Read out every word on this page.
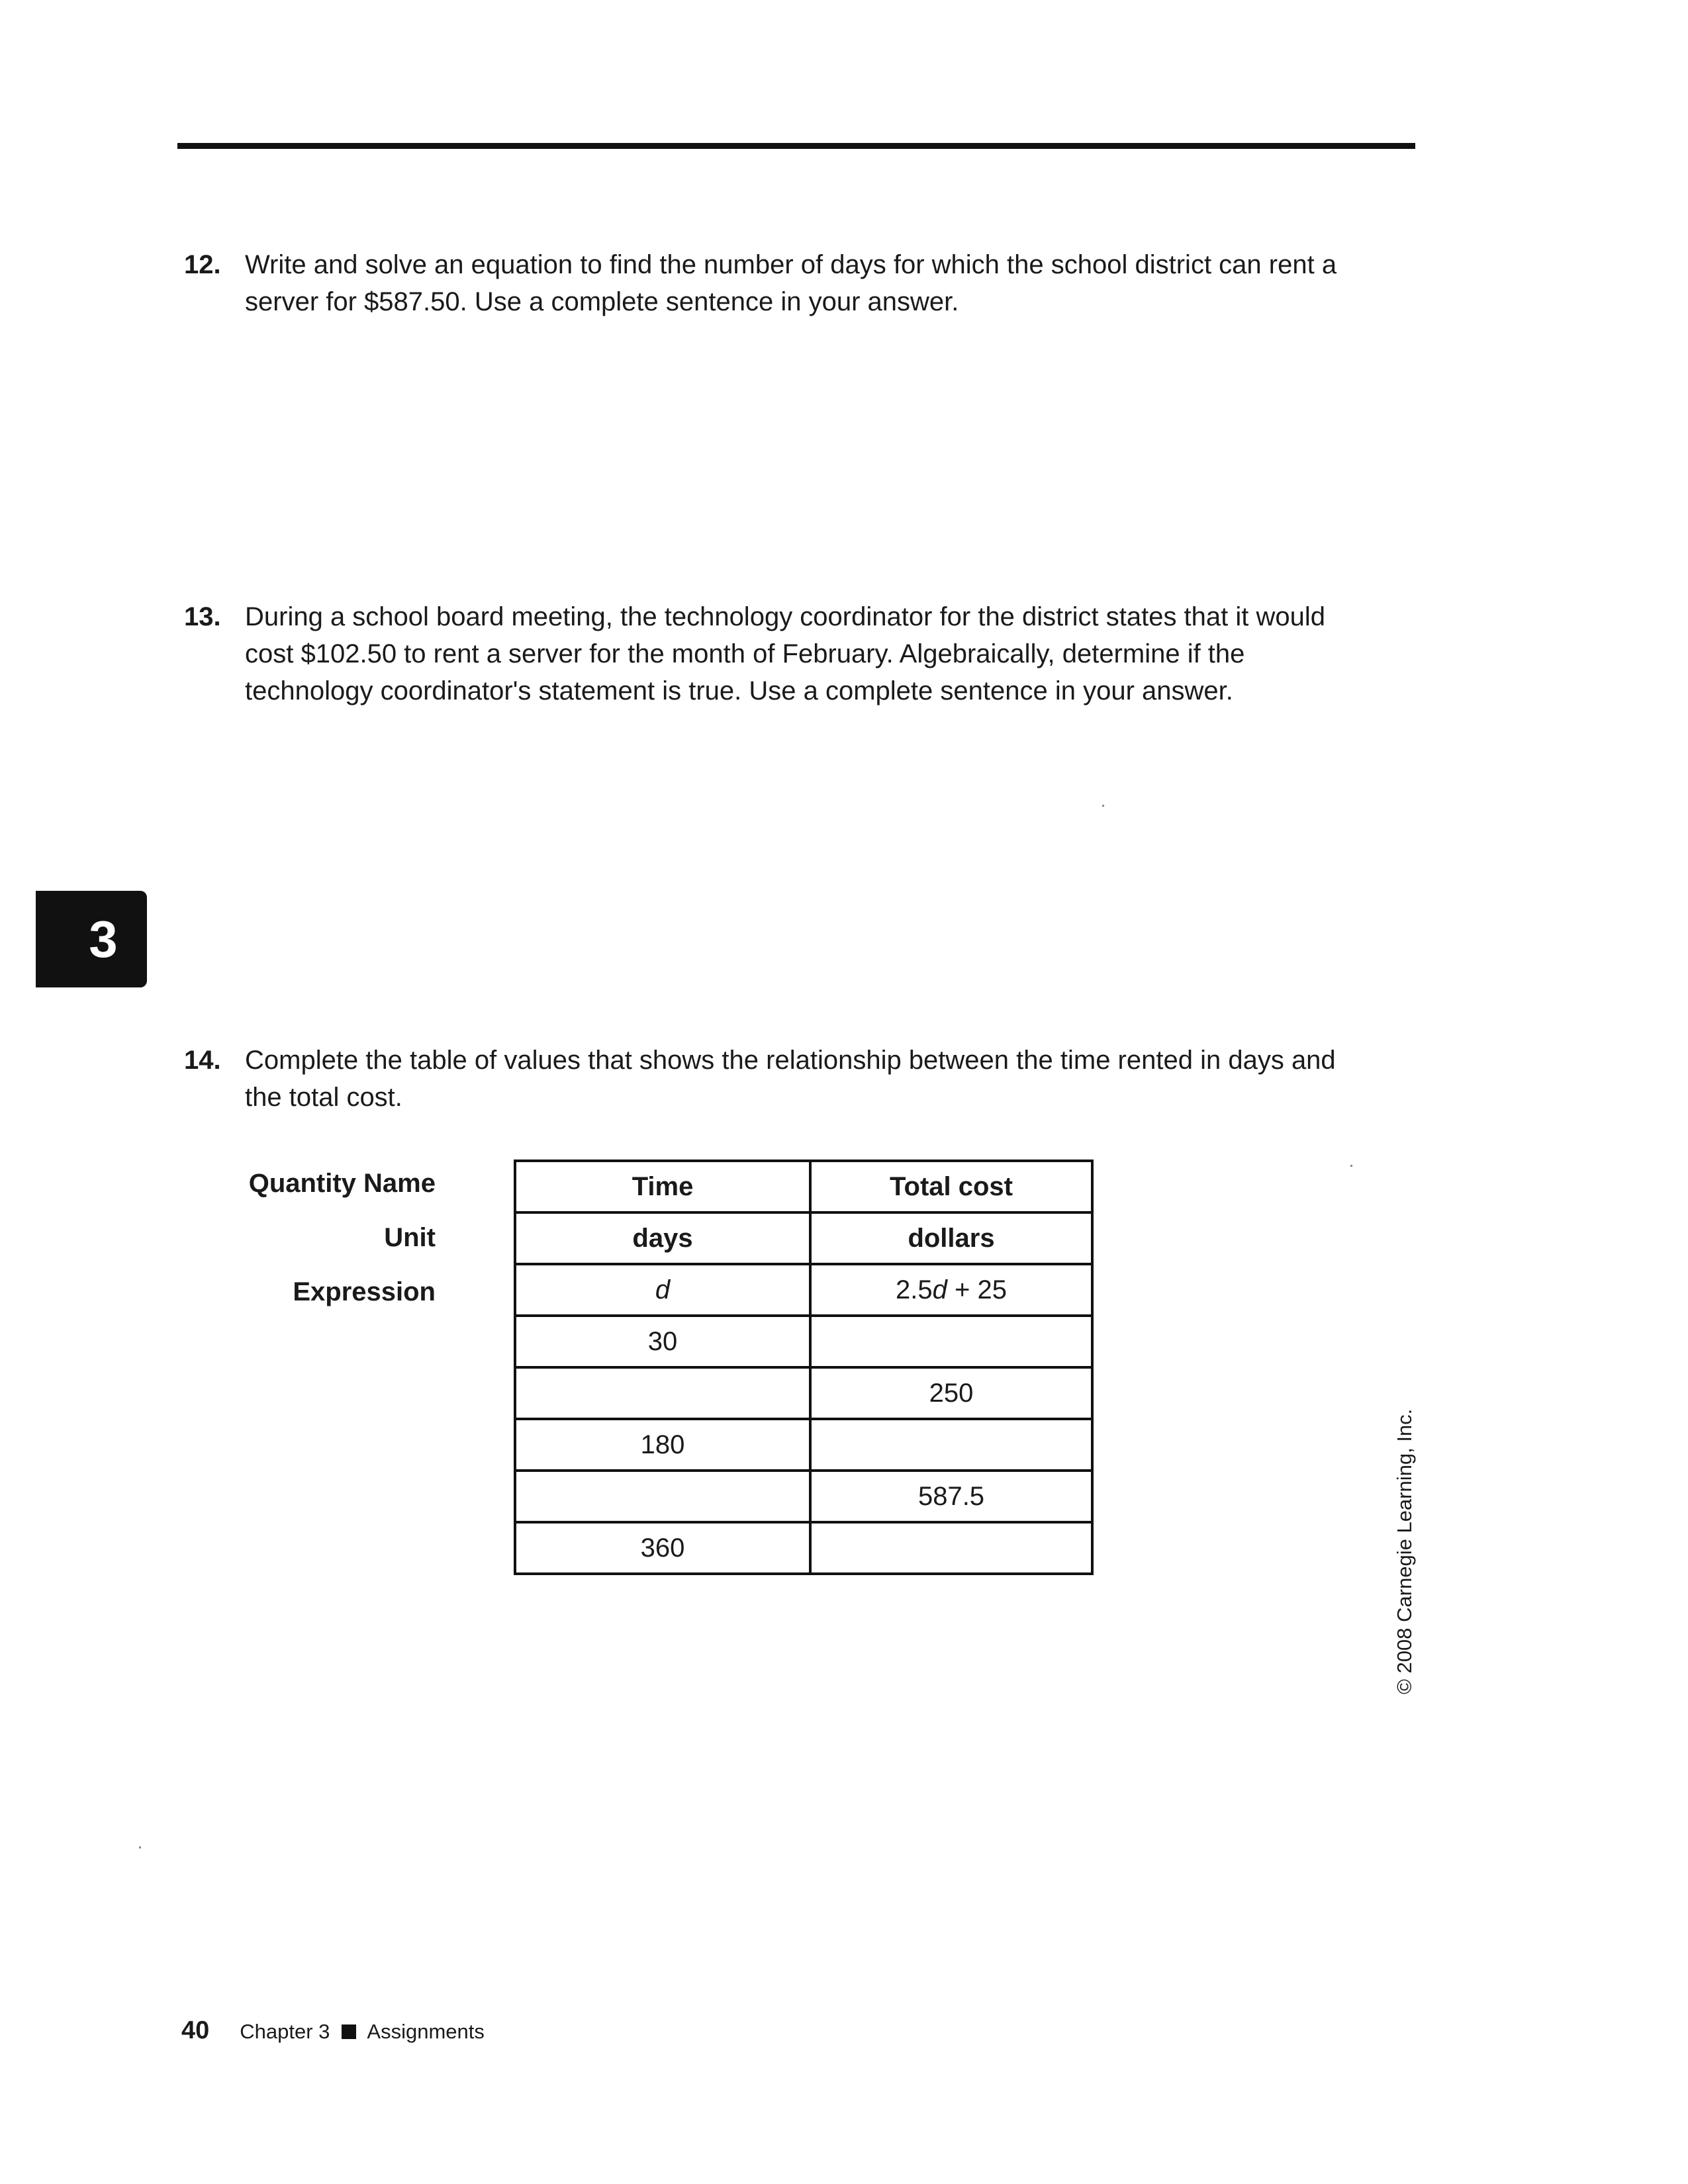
12. Write and solve an equation to find the number of days for which the school district can rent a server for $587.50. Use a complete sentence in your answer.
13. During a school board meeting, the technology coordinator for the district states that it would cost $102.50 to rent a server for the month of February. Algebraically, determine if the technology coordinator's statement is true. Use a complete sentence in your answer.
3
14. Complete the table of values that shows the relationship between the time rented in days and the total cost.
Quantity Name
Unit
Expression
Time	Total cost
days	dollars
d	2.5d + 25
30	
	250
180	
	587.5
360		© 2008 Carnegie Learning, Inc.
40 Chapter 3 Assignments
